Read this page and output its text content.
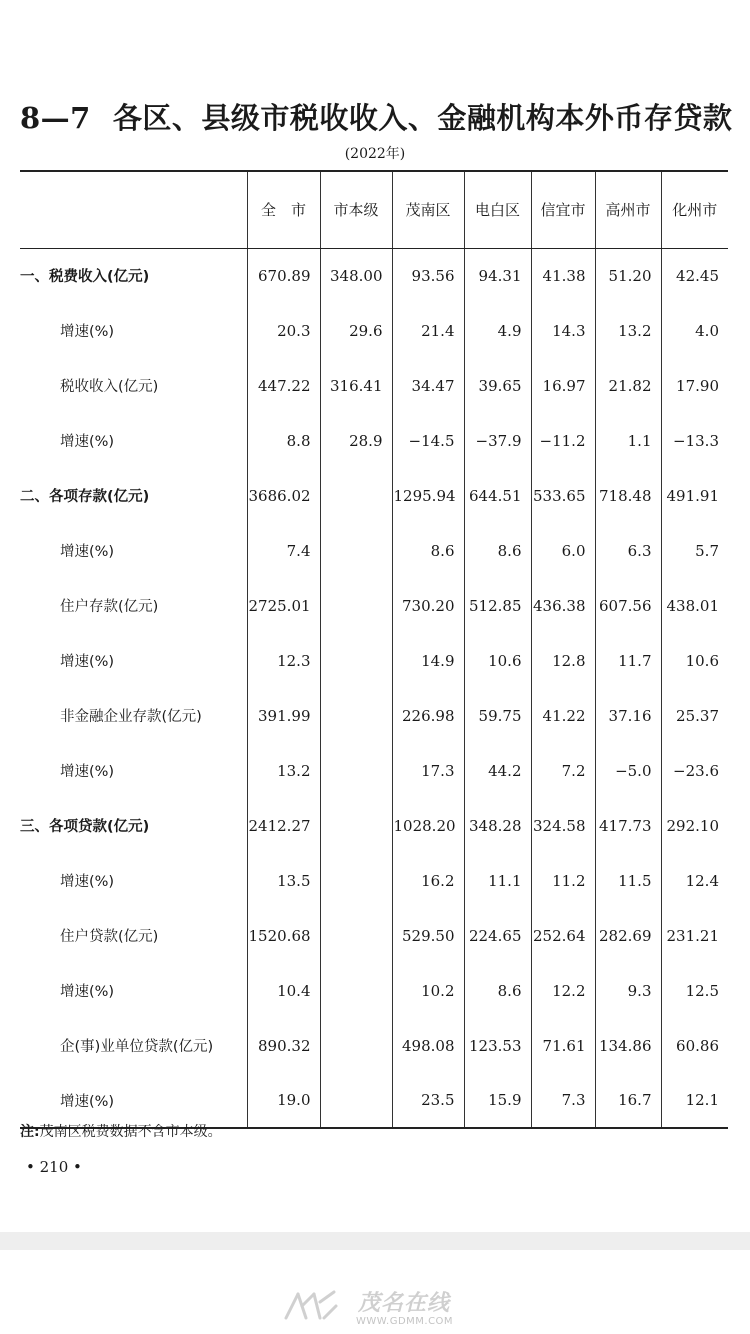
8—7 各区、县级市税收收入、金融机构本外币存贷款
(2022年)
	全　市	市本级	茂南区	电白区	信宜市	高州市	化州市
一、税费收入(亿元)	670.89	348.00	93.56	94.31	41.38	51.20	42.45
增速(%)	20.3	29.6	21.4	4.9	14.3	13.2	4.0
税收收入(亿元)	447.22	316.41	34.47	39.65	16.97	21.82	17.90
增速(%)	8.8	28.9	−14.5	−37.9	−11.2	1.1	−13.3
二、各项存款(亿元)	3686.02		1295.94	644.51	533.65	718.48	491.91
增速(%)	7.4		8.6	8.6	6.0	6.3	5.7
住户存款(亿元)	2725.01		730.20	512.85	436.38	607.56	438.01
增速(%)	12.3		14.9	10.6	12.8	11.7	10.6
非金融企业存款(亿元)	391.99		226.98	59.75	41.22	37.16	25.37
增速(%)	13.2		17.3	44.2	7.2	−5.0	−23.6
三、各项贷款(亿元)	2412.27		1028.20	348.28	324.58	417.73	292.10
增速(%)	13.5		16.2	11.1	11.2	11.5	12.4
住户贷款(亿元)	1520.68		529.50	224.65	252.64	282.69	231.21
增速(%)	10.4		10.2	8.6	12.2	9.3	12.5
企(事)业单位贷款(亿元)	890.32		498.08	123.53	71.61	134.86	60.86
增速(%)	19.0		23.5	15.9	7.3	16.7	12.1
注:茂南区税费数据不含市本级。
• 210 •
茂名在线
WWW.GDMM.COM
